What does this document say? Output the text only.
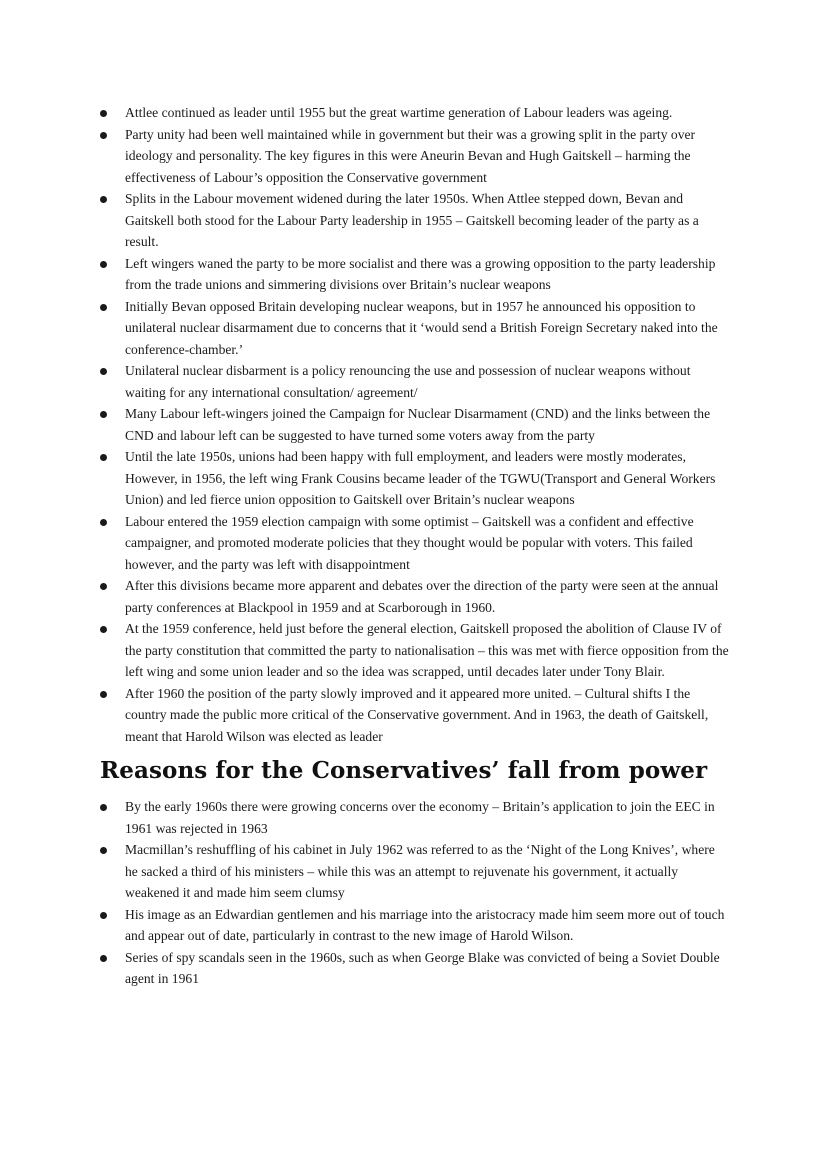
Attlee continued as leader until 1955 but the great wartime generation of Labour leaders was ageing.
Party unity had been well maintained while in government but their was a growing split in the party over ideology and personality. The key figures in this were Aneurin Bevan and Hugh Gaitskell – harming the effectiveness of Labour’s opposition the Conservative government
Splits in the Labour movement widened during the later 1950s. When Attlee stepped down, Bevan and Gaitskell both stood for the Labour Party leadership in 1955 – Gaitskell becoming leader of the party as a result.
Left wingers waned the party to be more socialist and there was a growing opposition to the party leadership from the trade unions and simmering divisions over Britain’s nuclear weapons
Initially Bevan opposed Britain developing nuclear weapons, but in 1957 he announced his opposition to unilateral nuclear disarmament due to concerns that it ‘would send a British Foreign Secretary naked into the conference-chamber.’
Unilateral nuclear disbarment is a policy renouncing the use and possession of nuclear weapons without waiting for any international consultation/ agreement/
Many Labour left-wingers joined the Campaign for Nuclear Disarmament (CND) and the links between the CND and labour left can be suggested to have turned some voters away from the party
Until the late 1950s, unions had been happy with full employment, and leaders were mostly moderates, However, in 1956, the left wing Frank Cousins became leader of the TGWU(Transport and General Workers Union) and led fierce union opposition to Gaitskell over Britain’s nuclear weapons
Labour entered the 1959 election campaign with some optimist – Gaitskell was a confident and effective campaigner, and promoted moderate policies that they thought would be popular with voters. This failed however, and the party was left with disappointment
After this divisions became more apparent and debates over the direction of the party were seen at the annual party conferences at Blackpool in 1959 and at Scarborough in 1960.
At the 1959 conference, held just before the general election, Gaitskell proposed the abolition of Clause IV of the party constitution that committed the party to nationalisation – this was met with fierce opposition from the left wing and some union leader and so the idea was scrapped, until decades later under Tony Blair.
After 1960 the position of the party slowly improved and it appeared more united. – Cultural shifts I the country made the public more critical of the Conservative government. And in 1963, the death of Gaitskell, meant that Harold Wilson was elected as leader
Reasons for the Conservatives’ fall from power
By the early 1960s there were growing concerns over the economy – Britain’s application to join the EEC in 1961 was rejected in 1963
Macmillan’s reshuffling of his cabinet in July 1962 was referred to as the ‘Night of the Long Knives’, where he sacked a third of his ministers – while this was an attempt to rejuvenate his government, it actually weakened it and made him seem clumsy
His image as an Edwardian gentlemen and his marriage into the aristocracy made him seem more out of touch and appear out of date, particularly in contrast to the new image of Harold Wilson.
Series of spy scandals seen in the 1960s, such as when George Blake was convicted of being a Soviet Double agent in 1961
